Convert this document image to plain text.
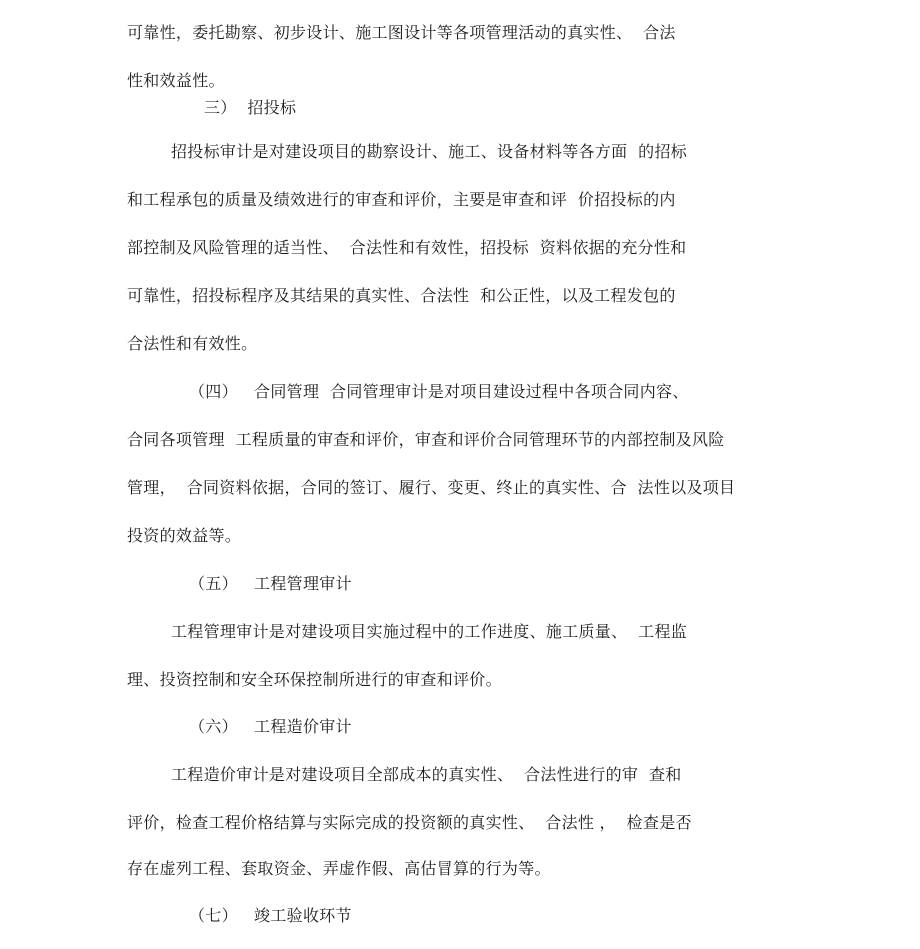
可靠性，委托勘察、初步设计、施工图设计等各项管理活动的真实性、  合法
性和效益性。
三）  招投标
招投标审计是对建设项目的勘察设计、施工、设备材料等各方面  的招标
和工程承包的质量及绩效进行的审查和评价，主要是审查和评  价招投标的内
部控制及风险管理的适当性、  合法性和有效性，招投标  资料依据的充分性和
可靠性，招投标程序及其结果的真实性、合法性  和公正性，以及工程发包的
合法性和有效性。
（四）   合同管理  合同管理审计是对项目建设过程中各项合同内容、
合同各项管理  工程质量的审查和评价，审查和评价合同管理环节的内部控制及风险
管理，  合同资料依据，合同的签订、履行、变更、终止的真实性、合  法性以及项目
投资的效益等。
（五）   工程管理审计
工程管理审计是对建设项目实施过程中的工作进度、施工质量、  工程监
理、投资控制和安全环保控制所进行的审查和评价。
（六）   工程造价审计
工程造价审计是对建设项目全部成本的真实性、  合法性进行的审  查和
评价，检查工程价格结算与实际完成的投资额的真实性、  合法性 ，  检查是否
存在虚列工程、套取资金、弄虚作假、高估冒算的行为等。
（七）   竣工验收环节
